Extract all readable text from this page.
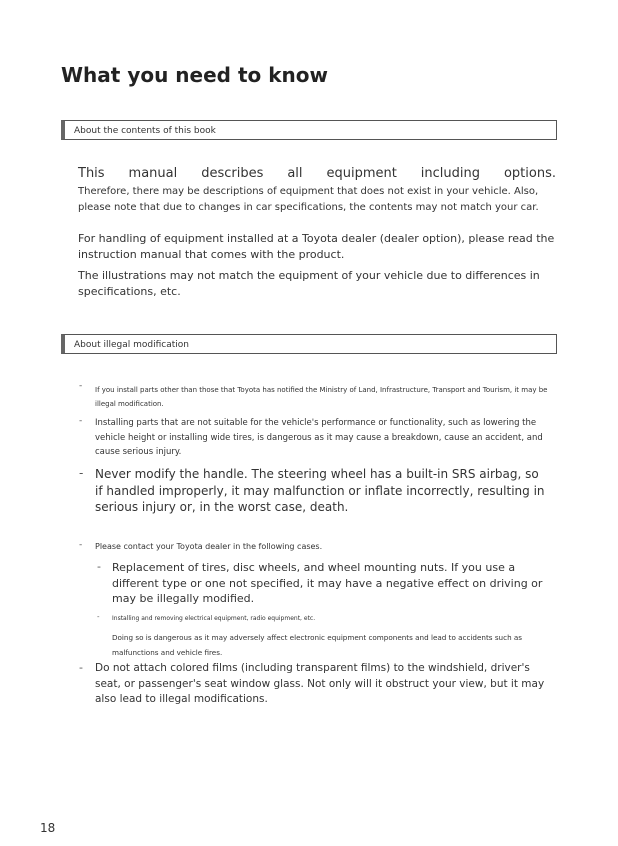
What you need to know
About the contents of this book

This manual describes all equipment including options.

Therefore, there may be descriptions of equipment that does not exist in your vehicle. Also, please note that due to changes in car specifications, the contents may not match your car.

For handling of equipment installed at a Toyota dealer (dealer option), please read the instruction manual that comes with the product.

The illustrations may not match the equipment of your vehicle due to differences in specifications, etc.

About illegal modification
- If you install parts other than those that Toyota has notified the Ministry of Land, Infrastructure, Transport and Tourism, it may be illegal modification.

- Installing parts that are not suitable for the vehicle's performance or functionality, such as lowering the vehicle height or installing wide tires, is dangerous as it may cause a breakdown, cause an accident, and cause serious injury.

- Never modify the handle. The steering wheel has a built-in SRS airbag, so if handled improperly, it may malfunction or inflate incorrectly, resulting in serious injury or, in the worst case, death.

- Please contact your Toyota dealer in the following cases.

- Replacement of tires, disc wheels, and wheel mounting nuts. If you use a different type or one not specified, it may have a negative effect on driving or may be illegally modified.

- Installing and removing electrical equipment, radio equipment, etc.

Doing so is dangerous as it may adversely affect electronic equipment components and lead to accidents such as malfunctions and vehicle fires.

- Do not attach colored films (including transparent films) to the windshield, driver's seat, or passenger's seat window glass. Not only will it obstruct your view, but it may also lead to illegal modifications.

18
